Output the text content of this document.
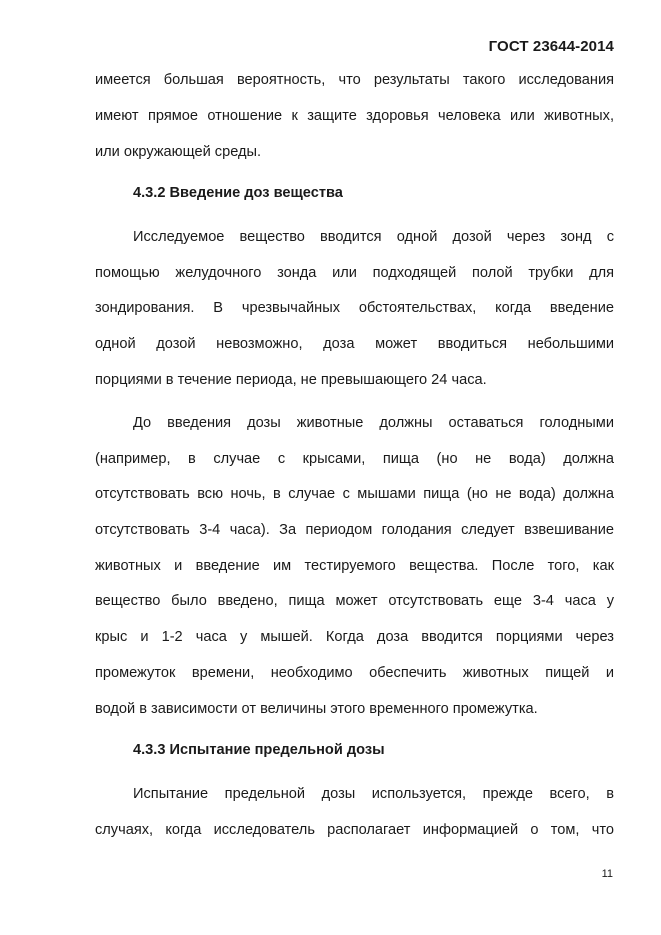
ГОСТ 23644-2014
имеется большая вероятность, что результаты такого исследования
имеют прямое отношение к защите здоровья человека или животных,
или окружающей среды.
4.3.2 Введение доз вещества
Исследуемое вещество вводится одной дозой через зонд с
помощью желудочного зонда или подходящей полой трубки для
зондирования. В чрезвычайных обстоятельствах, когда введение
одной дозой невозможно, доза может вводиться небольшими
порциями в течение периода, не превышающего 24 часа.
До введения дозы животные должны оставаться голодными
(например, в случае с крысами, пища (но не вода) должна
отсутствовать всю ночь, в случае с мышами пища (но не вода) должна
отсутствовать 3-4 часа). За периодом голодания следует взвешивание
животных и введение им тестируемого вещества. После того, как
вещество было введено, пища может отсутствовать еще 3-4 часа у
крыс и 1-2 часа у мышей. Когда доза вводится порциями через
промежуток времени, необходимо обеспечить животных пищей и
водой в зависимости от величины этого временного промежутка.
4.3.3 Испытание предельной дозы
Испытание предельной дозы используется, прежде всего, в
случаях, когда исследователь располагает информацией о том, что
11
